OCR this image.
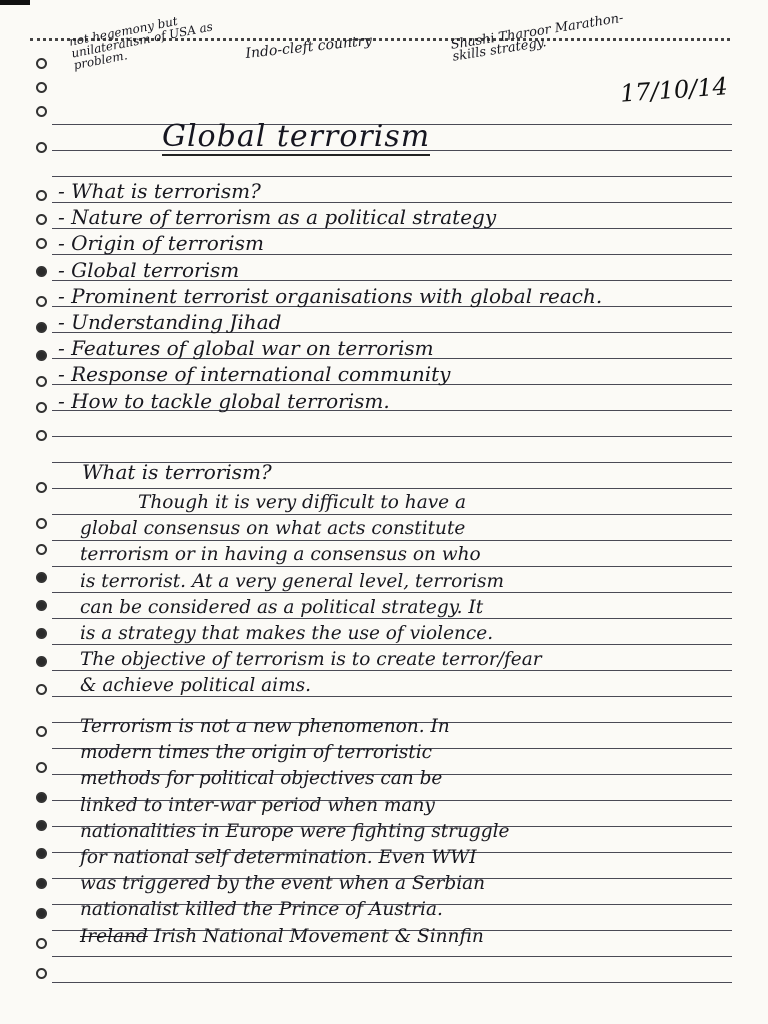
not hegemony but unilateralism of USA as problem.	Indo-cleft country	Shashi Tharoor Marathon-skills strategy.
17/10/14
Global terrorism
- What is terrorism?
- Nature of terrorism as a political strategy
- Origin of terrorism
- Global terrorism
- Prominent terrorist organisations with global reach.
- Understanding Jihad
- Features of global war on terrorism
- Response of international community
- How to tackle global terrorism.
What is terrorism?
Though it is very difficult to have a
global consensus on what acts constitute
terrorism or in having a consensus on who
is terrorist. At a very general level, terrorism
can be considered as a political strategy. It
is a strategy that makes the use of violence.
The objective of terrorism is to create terror/fear
& achieve political aims.
Terrorism is not a new phenomenon. In
modern times the origin of terroristic
methods for political objectives can be
linked to inter-war period when many
nationalities in Europe were fighting struggle
for national self determination. Even WWI
was triggered by the event when a Serbian
nationalist killed the Prince of Austria.
Ireland Irish National Movement & Sinnfin
